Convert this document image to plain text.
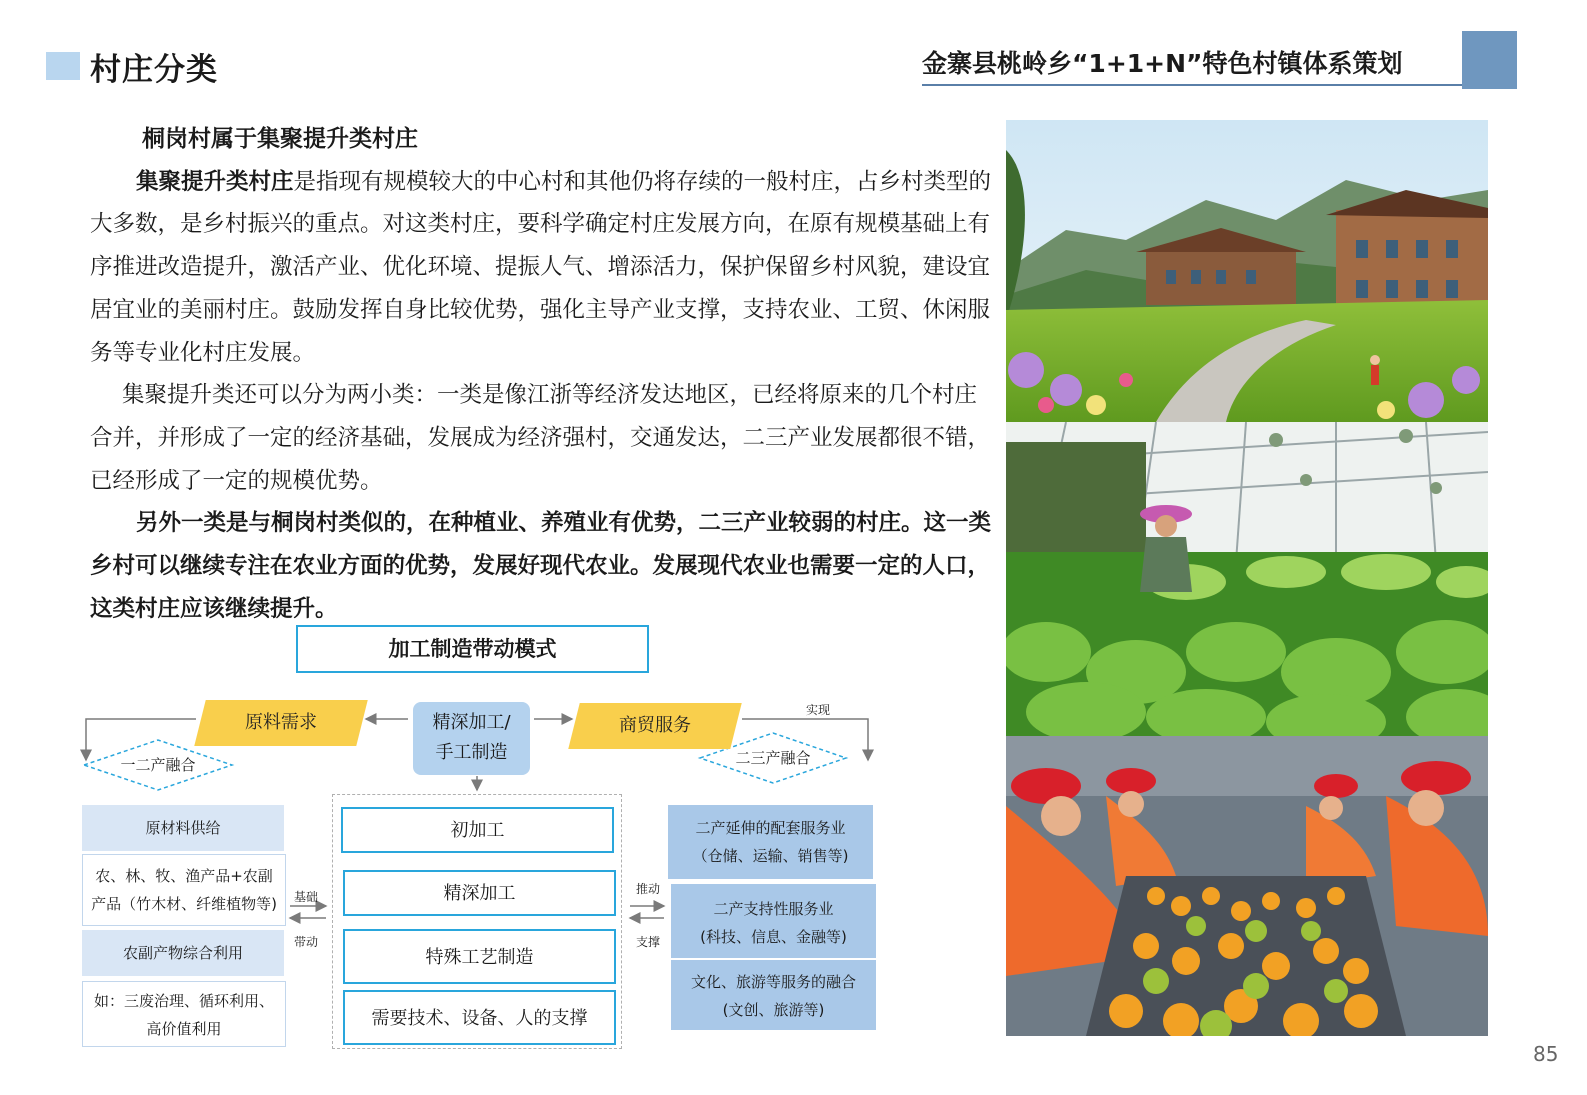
村庄分类	金寨县桃岭乡“1+1+N”特色村镇体系策划

桐岗村属于集聚提升类村庄

集聚提升类村庄是指现有规模较大的中心村和其他仍将存续的一般村庄，占乡村类型的大多数，是乡村振兴的重点。对这类村庄，要科学确定村庄发展方向，在原有规模基础上有序推进改造提升，激活产业、优化环境、提振人气、增添活力，保护保留乡村风貌，建设宜居宜业的美丽村庄。鼓励发挥自身比较优势，强化主导产业支撑，支持农业、工贸、休闲服务等专业化村庄发展。

集聚提升类还可以分为两小类：一类是像江浙等经济发达地区，已经将原来的几个村庄合并，并形成了一定的经济基础，发展成为经济强村，交通发达，二三产业发展都很不错，已经形成了一定的规模优势。

另外一类是与桐岗村类似的，在种植业、养殖业有优势，二三产业较弱的村庄。这一类乡村可以继续专注在农业方面的优势，发展好现代农业。发展现代农业也需要一定的人口，这类村庄应该继续提升。

加工制造带动模式
原料需求	精深加工/
手工制造
商贸服务
实现
一二产融合	二三产融合
原材料供给
农、林、牧、渔产品+农副
产品（竹木材、纤维植物等)
农副产物综合利用
如：三废治理、循环利用、
高价值利用
基础
带动
初加工
精深加工
特殊工艺制造
需要技术、设备、人的支撑
推动
支撑
二产延伸的配套服务业
（仓储、运输、销售等)
二产支持性服务业
(科技、信息、金融等)
文化、旅游等服务的融合
(文创、旅游等)
85
